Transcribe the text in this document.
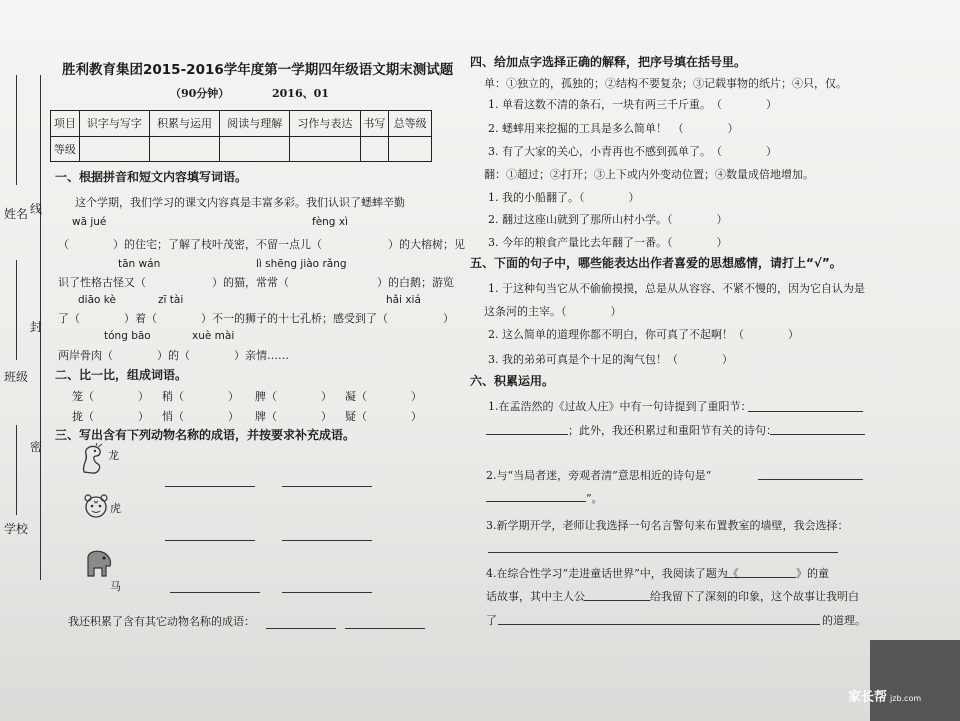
姓名 线
班级
封
学校
密
胜利教育集团2015-2016学年度第一学期四年级语文期末测试题
（90分钟）	2016、01
项目	识字与写字	积累与运用	阅读与理解	习作与表达	书写	总等级
等级						
一、根据拼音和短文内容填写词语。
这个学期，我们学习的课文内容真是丰富多彩。我们认识了蟋蟀辛勤
wā jué	fèng xì
（　　　　）的住宅；了解了枝叶茂密，不留一点儿（　　　　　　）的大榕树；见
tān wán	lì shēng jiào rǎng
识了性格古怪又（　　　　　　）的猫，常常（　　　　　　　　）的白鹅；游览
diāo kè	zī tài	hǎi xiá
了（　　　　）着（　　　　）不一的狮子的十七孔桥；感受到了（　　　　　）
tóng bāo	xuè mài
两岸骨肉（　　　　）的（　　　　）亲情……
二、比一比，组成词语。
笼（　　　　） 稍（　　　　） 脾（　　　　） 凝（　　　　）
拢（　　　　） 悄（　　　　） 牌（　　　　） 疑（　　　　）
三、写出含有下列动物名称的成语，并按要求补充成语。
龙
虎
马
我还积累了含有其它动物名称的成语：
四、给加点字选择正确的解释，把序号填在括号里。
单：①独立的，孤独的；②结构不要复杂；③记载事物的纸片；④只，仅。
1. 单看这数不清的条石，一块有两三千斤重。　（　　　　）
2. 蟋蟀用来挖掘的工具是多么简单！　（　　　　）
3. 有了大家的关心，小青再也不感到孤单了。　（　　　　）
翻：①超过；②打开；③上下或内外变动位置；④数量成倍地增加。
1. 我的小船翻了。（　　　　）
2. 翻过这座山就到了那所山村小学。（　　　　）
3. 今年的粮食产量比去年翻了一番。（　　　　）
五、下面的句子中，哪些能表达出作者喜爱的思想感情，请打上“√”。
1. 于这种句当它从不偷偷摸摸，总是从从容容、不紧不慢的，因为它自认为是
这条河的主宰。（　　　　）
2. 这么简单的道理你都不明白，你可真了不起啊！（　　　　）
3. 我的弟弟可真是个十足的淘气包！（　　　　）
六、积累运用。
1.在孟浩然的《过故人庄》中有一句诗提到了重阳节：
；此外，我还积累过和重阳节有关的诗句：
2.与“当局者迷，旁观者清”意思相近的诗句是“
”。
3.新学期开学，老师让我选择一句名言警句来布置教室的墙壁，我会选择：
4.在综合性学习“走进童话世界”中，我阅读了题为《	》的童
话故事，其中主人公	给我留下了深刻的印象，这个故事让我明白
了	的道理。
家长帮 jzb.com
